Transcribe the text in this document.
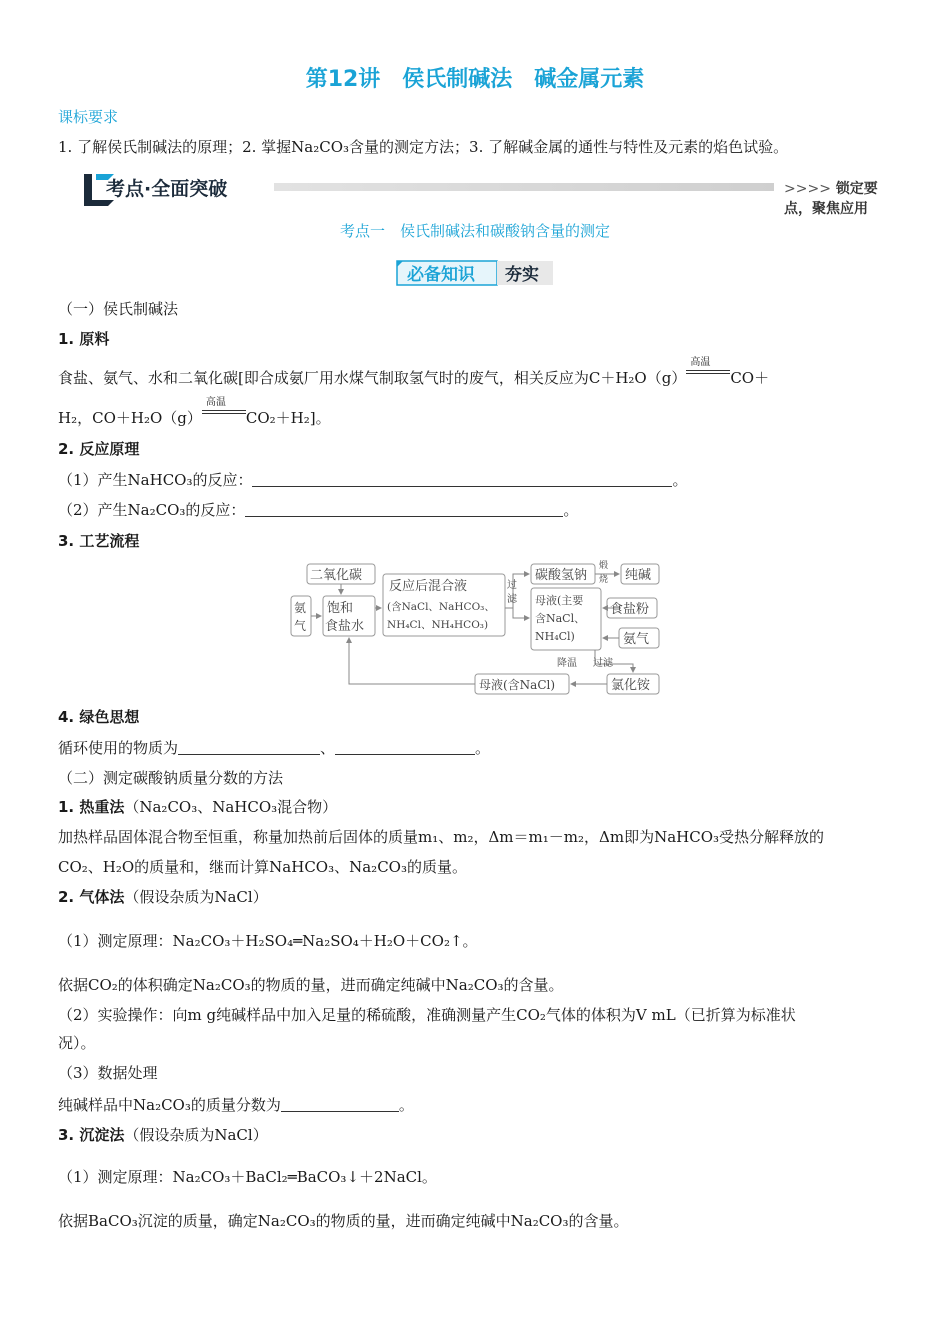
第12讲　侯氏制碱法　碱金属元素
课标要求
1. 了解侯氏制碱法的原理；2. 掌握Na₂CO₃含量的测定方法；3. 了解碱金属的通性与特性及元素的焰色试验。
考点·全面突破	>>>> 锁定要点，聚焦应用
考点一　侯氏制碱法和碳酸钠含量的测定
必备知识 夯实
（一）侯氏制碱法
1. 原料
食盐、氨气、水和二氧化碳[即合成氨厂用水煤气制取氢气时的废气，相关反应为C＋H₂O（g）
高温
CO＋
H₂，CO＋H₂O（g）
高温
CO₂＋H₂]。
2. 反应原理
（1）产生NaHCO₃的反应：	。
（2）产生Na₂CO₃的反应：	。
3. 工艺流程
二氧化碳
氨
气
饱和
食盐水
反应后混合液
(含NaCl、NaHCO₃、
NH₄Cl、NH₄HCO₃)
过
滤
碳酸氢钠
煅
烧 纯碱
母液(主要
含NaCl、
NH₄Cl)
食盐粉
氨气
降温 过滤
母液(含NaCl)	氯化铵
4. 绿色思想
循环使用的物质为	、	。
（二）测定碳酸钠质量分数的方法
1. 热重法（Na₂CO₃、NaHCO₃混合物）
加热样品固体混合物至恒重，称量加热前后固体的质量m₁、m₂，Δm＝m₁－m₂，Δm即为NaHCO₃受热分解释放的
CO₂、H₂O的质量和，继而计算NaHCO₃、Na₂CO₃的质量。
2. 气体法（假设杂质为NaCl）
（1）测定原理：Na₂CO₃＋H₂SO₄═Na₂SO₄＋H₂O＋CO₂↑。
依据CO₂的体积确定Na₂CO₃的物质的量，进而确定纯碱中Na₂CO₃的含量。
（2）实验操作：向m g纯碱样品中加入足量的稀硫酸，准确测量产生CO₂气体的体积为V mL（已折算为标准状
况）。
（3）数据处理
纯碱样品中Na₂CO₃的质量分数为	。
3. 沉淀法（假设杂质为NaCl）
（1）测定原理：Na₂CO₃＋BaCl₂═BaCO₃↓＋2NaCl。
依据BaCO₃沉淀的质量，确定Na₂CO₃的物质的量，进而确定纯碱中Na₂CO₃的含量。
